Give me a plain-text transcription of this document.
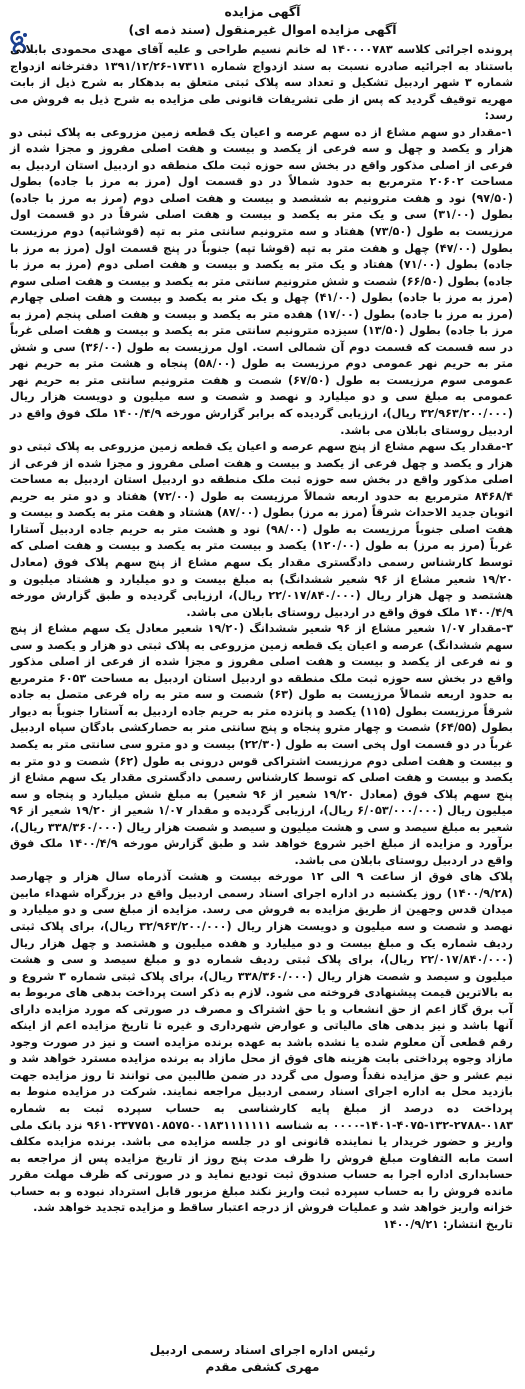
آگهی مزایده
آگهی مزایده اموال غیرمنقول (سند ذمه ای)

پرونده اجرائی کلاسه ۱۴۰۰۰۰۷۸۳ له خانم نسیم طراحی و علیه آقای مهدی محمودی بابلانی باستناد به اجرائیه صادره نسبت به سند ازدواج شماره ۱۷۳۱۱-۱۳۹۱/۱۲/۲۶ دفترخانه ازدواج شماره ۳ شهر اردبیل تشکیل و تعداد سه پلاک ثبتی متعلق به بدهکار به شرح ذیل از بابت مهریه توقیف گردید که پس از طی تشریفات قانونی طی مزایده به شرح ذیل به فروش می رسد:

۱-مقدار دو سهم مشاع از ده سهم عرصه و اعیان یک قطعه زمین مزروعی به پلاک ثبتی دو هزار و یکصد و چهل و سه فرعی از یکصد و بیست و هفت اصلی مفروز و مجزا شده از فرعی از اصلی مذکور واقع در بخش سه حوزه ثبت ملک منطقه دو اردبیل استان اردبیل به مساحت ۲۰۶۰۲ مترمربع به حدود شمالاً در دو قسمت اول (مرز به مرز با جاده) بطول (۹۷/۵۰) نود و هفت مترونیم به ششصد و بیست و هفت اصلی دوم (مرز به مرز با جاده) بطول (۳۱/۰۰) سی و یک متر به یکصد و بیست و هفت اصلی شرقاً در دو قسمت اول مرزیست به طول (۷۳/۵۰) هفتاد و سه مترونیم سانتی متر به تپه (قوشاتپه) دوم مرزیست بطول (۴۷/۰۰) چهل و هفت متر به تپه (قوشا تپه) جنوباً در پنج قسمت اول (مرز به مرز با جاده) بطول (۷۱/۰۰) هفتاد و یک متر به یکصد و بیست و هفت اصلی دوم (مرز به مرز با جاده) بطول (۶۶/۵۰) شصت و شش مترونیم سانتی متر به یکصد و بیست و هفت اصلی سوم (مرز به مرز با جاده) بطول (۴۱/۰۰) چهل و یک متر به یکصد و بیست و هفت اصلی چهارم (مرز به مرز با جاده) بطول (۱۷/۰۰) هفده متر به یکصد و بیست و هفت اصلی پنجم (مرز به مرز با جاده) بطول (۱۳/۵۰) سیزده مترونیم سانتی متر به یکصد و بیست و هفت اصلی غرباً در سه قسمت که قسمت دوم آن شمالی است. اول مرزیست به طول (۳۶/۰۰) سی و شش متر به حریم نهر عمومی دوم مرزیست به طول (۵۸/۰۰) پنجاه و هشت متر به حریم نهر عمومی سوم مرزیست به طول (۶۷/۵۰) شصت و هفت مترونیم سانتی متر به حریم نهر عمومی به مبلغ سی و دو میلیارد و نهصد و شصت و سه میلیون و دویست هزار ریال (۳۲/۹۶۳/۲۰۰/۰۰۰ ریال)، ارزیابی گردیده که برابر گزارش مورخه ۱۴۰۰/۴/۹ ملک فوق واقع در اردبیل روستای بابلان می باشد.

۲-مقدار یک سهم مشاع از پنج سهم عرصه و اعیان یک قطعه زمین مزروعی به پلاک ثبتی دو هزار و یکصد و چهل فرعی از یکصد و بیست و هفت اصلی مفروز و مجزا شده از فرعی از اصلی مذکور واقع در بخش سه حوزه ثبت ملک منطقه دو اردبیل استان اردبیل به مساحت ۸۴۶۸/۴ مترمربع به حدود اربعه شمالاً مرزیست به طول (۷۲/۰۰) هفتاد و دو متر به حریم اتوبان جدید الاحداث شرقاً (مرز به مرز) بطول (۸۷/۰۰) هشتاد و هفت متر به یکصد و بیست و هفت اصلی جنوباً مرزیست به طول (۹۸/۰۰) نود و هشت متر به حریم جاده اردبیل آستارا غرباً (مرز به مرز) به طول (۱۲۰/۰۰) یکصد و بیست متر به یکصد و بیست و هفت اصلی که توسط کارشناس رسمی دادگستری مقدار یک سهم مشاع از پنج سهم پلاک فوق (معادل ۱۹/۲۰ شعیر مشاع از ۹۶ شعیر ششدانگ) به مبلغ بیست و دو میلیارد و هشتاد میلیون و هشتصد و چهل هزار ریال (۲۲/۰۱۷/۸۴۰/۰۰۰ ریال)، ارزیابی گردیده و طبق گزارش مورخه ۱۴۰۰/۴/۹ ملک فوق واقع در اردبیل روستای بابلان می باشد.

۳-مقدار ۱/۰۷ شعیر مشاع از ۹۶ شعیر ششدانگ (۱۹/۲۰ شعیر معادل یک سهم مشاع از پنج سهم ششدانگ) عرصه و اعیان یک قطعه زمین مزروعی به پلاک ثبتی دو هزار و یکصد و سی و نه فرعی از یکصد و بیست و هفت اصلی مفروز و مجزا شده از فرعی از اصلی مذکور واقع در بخش سه حوزه ثبت ملک منطقه دو اردبیل استان اردبیل به مساحت ۶۰۵۳ مترمربع به حدود اربعه شمالاً مرزیست به طول (۶۳) شصت و سه متر به راه فرعی متصل به جاده شرقاً مرزیست بطول (۱۱۵) یکصد و پانزده متر به حریم جاده اردبیل به آستارا جنوباً به دیوار بطول (۶۴/۵۵) شصت و چهار مترو پنجاه و پنج سانتی متر به حصارکشی بادگان سپاه اردبیل غرباً در دو قسمت اول پخی است به طول (۲۲/۳۰) بیست و دو مترو سی سانتی متر به یکصد و بیست و هفت اصلی دوم مرزیست اشتراکی قوس درونی به طول (۶۲) شصت و دو متر به یکصد و بیست و هفت اصلی که توسط کارشناس رسمی دادگستری مقدار یک سهم مشاع از پنج سهم پلاک فوق (معادل ۱۹/۲۰ شعیر از ۹۶ شعیر) به مبلغ شش میلیارد و پنجاه و سه میلیون ریال (۶/۰۵۳/۰۰۰/۰۰۰ ریال)، ارزیابی گردیده و مقدار ۱/۰۷ شعیر از ۱۹/۲۰ شعیر از ۹۶ شعیر به مبلغ سیصد و سی و هشت میلیون و سیصد و شصت هزار ریال (۳۳۸/۳۶۰/۰۰۰ ریال)، برآورد و مزایده از مبلغ اخیر شروع خواهد شد و طبق گزارش مورخه ۱۴۰۰/۴/۹ ملک فوق واقع در اردبیل روستای بابلان می باشد.

پلاک های فوق از ساعت ۹ الی ۱۲ مورخه بیست و هشت آذرماه سال هزار و چهارصد (۱۴۰۰/۹/۲۸) روز یکشنبه در اداره اجرای اسناد رسمی اردبیل واقع در بزرگراه شهداء مابین میدان قدس وجهین از طریق مزایده به فروش می رسد. مزایده از مبلغ سی و دو میلیارد و نهصد و شصت و سه میلیون و دویست هزار ریال (۳۲/۹۶۳/۲۰۰/۰۰۰ ریال)، برای پلاک ثبتی ردیف شماره یک و مبلغ بیست و دو میلیارد و هفده میلیون و هشتصد و چهل هزار ریال (۲۲/۰۱۷/۸۴۰/۰۰۰ ریال)، برای پلاک ثبتی ردیف شماره دو و مبلغ سیصد و سی و هشت میلیون و سیصد و شصت هزار ریال (۳۳۸/۳۶۰/۰۰۰ ریال)، برای پلاک ثبتی شماره ۳ شروع و به بالاترین قیمت پیشنهادی فروخته می شود. لازم به ذکر است پرداخت بدهی های مربوط به آب برق گاز اعم از حق انشعاب و یا حق اشتراک و مصرف در صورتی که مورد مزایده دارای آنها باشد و نیز بدهی های مالیاتی و عوارض شهرداری و غیره تا تاریخ مزایده اعم از اینکه رقم قطعی آن معلوم شده یا نشده باشد به عهده برنده مزایده است و نیز در صورت وجود مازاد وجوه پرداختی بابت هزینه های فوق از محل مازاد به برنده مزایده مسترد خواهد شد و نیم عشر و حق مزایده نقداً وصول می گردد در ضمن طالبین می توانند تا روز مزایده جهت بازدید محل به اداره اجرای اسناد رسمی اردبیل مراجعه نمایند. شرکت در مزایده منوط به پرداخت ده درصد از مبلغ پایه کارشناسی به حساب سپرده ثبت به شماره ۰۱۸۳-۲۷۸۸-۱۳۲-۴۰۷۵-۱۴۰۱-۰۰۰۰ به شناسه ۹۶۱۰۲۳۷۷۵۱۰۸۵۷۵۰۰۱۸۳۱۱۱۱۱۱۱ نزد بانک ملی واریز و حضور خریدار یا نماینده قانونی او در جلسه مزایده می باشد. برنده مزایده مکلف است مابه التفاوت مبلغ فروش را ظرف مدت پنج روز از تاریخ مزایده پس از مراجعه به حسابداری اداره اجرا به حساب صندوق ثبت تودیع نماید و در صورتی که ظرف مهلت مقرر مانده فروش را به حساب سپرده ثبت واریز نکند مبلغ مزبور قابل استرداد نبوده و به حساب خزانه واریز خواهد شد و عملیات فروش از درجه اعتبار ساقط و مزایده تجدید خواهد شد.

تاریخ انتشار: ۱۴۰۰/۹/۲۱

رئیس اداره اجرای اسناد رسمی اردبیل
مهری کشفی مقدم
